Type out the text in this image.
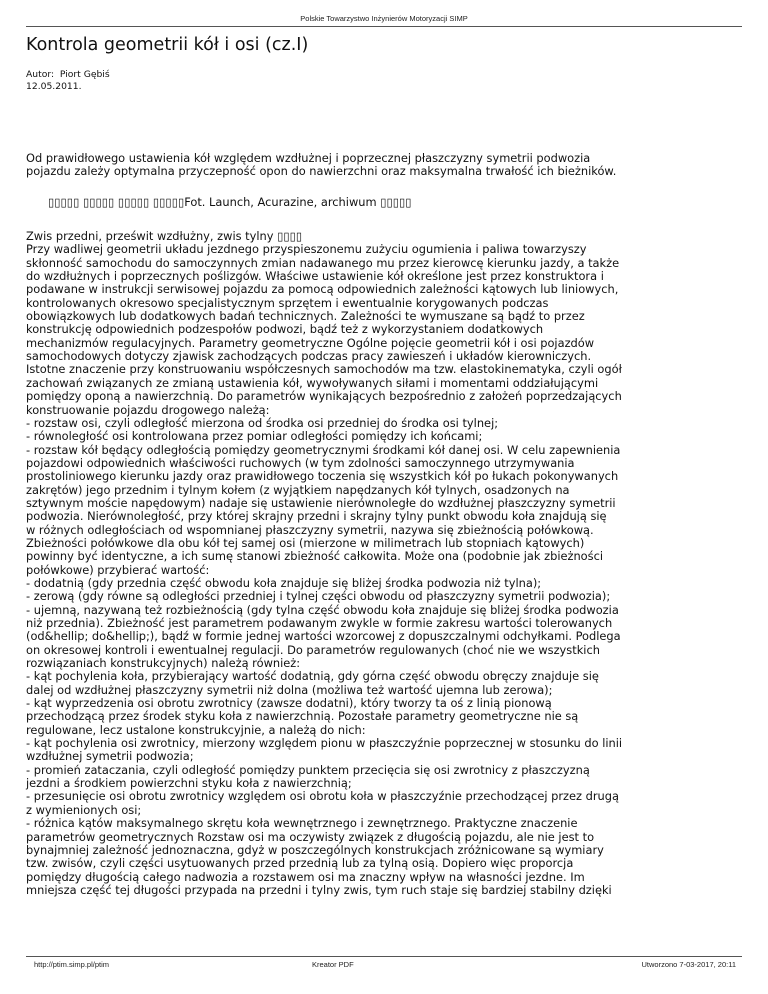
Polskie Towarzystwo Inżynierów Motoryzacji SIMP
Kontrola geometrii kół i osi (cz.I)
Autor:  Piort Gębiś
12.05.2011.

Od prawidłowego ustawienia kół względem wzdłużnej i poprzecznej płaszczyzny symetrii podwozia

pojazdu zależy optymalna przyczepność opon do nawierzchni oraz maksymalna trwałość ich bieżników.

▯▯▯▯▯ ▯▯▯▯▯ ▯▯▯▯▯ ▯▯▯▯▯Fot. Launch, Acurazine, archiwum ▯▯▯▯▯

Zwis przedni, prześwit wzdłużny, zwis tylny ▯▯▯▯

Przy wadliwej geometrii układu jezdnego przyspieszonemu zużyciu ogumienia i paliwa towarzyszy

skłonność samochodu do samoczynnych zmian nadawanego mu przez kierowcę kierunku jazdy, a także

do wzdłużnych i poprzecznych poślizgów. Właściwe ustawienie kół określone jest przez konstruktora i

podawane w instrukcji serwisowej pojazdu za pomocą odpowiednich zależności kątowych lub liniowych,

kontrolowanych okresowo specjalistycznym sprzętem i ewentualnie korygowanych podczas

obowiązkowych lub dodatkowych badań technicznych. Zależności te wymuszane są bądź to przez

konstrukcję odpowiednich podzespołów podwozi, bądź też z wykorzystaniem dodatkowych

mechanizmów regulacyjnych. Parametry geometryczne Ogólne pojęcie geometrii kół i osi pojazdów

samochodowych dotyczy zjawisk zachodzących podczas pracy zawieszeń i układów kierowniczych.

Istotne znaczenie przy konstruowaniu współczesnych samochodów ma tzw. elastokinematyka, czyli ogół

zachowań związanych ze zmianą ustawienia kół, wywoływanych siłami i momentami oddziałującymi

pomiędzy oponą a nawierzchnią. Do parametrów wynikających bezpośrednio z założeń poprzedzających

konstruowanie pojazdu drogowego należą:

- rozstaw osi, czyli odległość mierzona od środka osi przedniej do środka osi tylnej;

- równoległość osi kontrolowana przez pomiar odległości pomiędzy ich końcami;

- rozstaw kół będący odległością pomiędzy geometrycznymi środkami kół danej osi. W celu zapewnienia

pojazdowi odpowiednich właściwości ruchowych (w tym zdolności samoczynnego utrzymywania

prostoliniowego kierunku jazdy oraz prawidłowego toczenia się wszystkich kół po łukach pokonywanych

zakrętów) jego przednim i tylnym kołem (z wyjątkiem napędzanych kół tylnych, osadzonych na

sztywnym moście napędowym) nadaje się ustawienie nierównoległe do wzdłużnej płaszczyzny symetrii

podwozia. Nierównoległość, przy której skrajny przedni i skrajny tylny punkt obwodu koła znajdują się

w różnych odległościach od wspomnianej płaszczyzny symetrii, nazywa się zbieżnością połówkową.

Zbieżności połówkowe dla obu kół tej samej osi (mierzone w milimetrach lub stopniach kątowych)

powinny być identyczne, a ich sumę stanowi zbieżność całkowita. Może ona (podobnie jak zbieżności

połówkowe) przybierać wartość:

- dodatnią (gdy przednia część obwodu koła znajduje się bliżej środka podwozia niż tylna);

- zerową (gdy równe są odległości przedniej i tylnej części obwodu od płaszczyzny symetrii podwozia);

- ujemną, nazywaną też rozbieżnością (gdy tylna część obwodu koła znajduje się bliżej środka podwozia

niż przednia). Zbieżność jest parametrem podawanym zwykle w formie zakresu wartości tolerowanych

(od&hellip; do&hellip;), bądź w formie jednej wartości wzorcowej z dopuszczalnymi odchyłkami. Podlega

on okresowej kontroli i ewentualnej regulacji. Do parametrów regulowanych (choć nie we wszystkich

rozwiązaniach konstrukcyjnych) należą również:

- kąt pochylenia koła, przybierający wartość dodatnią, gdy górna część obwodu obręczy znajduje się

dalej od wzdłużnej płaszczyzny symetrii niż dolna (możliwa też wartość ujemna lub zerowa);

- kąt wyprzedzenia osi obrotu zwrotnicy (zawsze dodatni), który tworzy ta oś z linią pionową

przechodzącą przez środek styku koła z nawierzchnią. Pozostałe parametry geometryczne nie są

regulowane, lecz ustalone konstrukcyjnie, a należą do nich:

- kąt pochylenia osi zwrotnicy, mierzony względem pionu w płaszczyźnie poprzecznej w stosunku do linii

wzdłużnej symetrii podwozia;

- promień zataczania, czyli odległość pomiędzy punktem przecięcia się osi zwrotnicy z płaszczyzną

jezdni a środkiem powierzchni styku koła z nawierzchnią;

- przesunięcie osi obrotu zwrotnicy względem osi obrotu koła w płaszczyźnie przechodzącej przez drugą

z wymienionych osi;

- różnica kątów maksymalnego skrętu koła wewnętrznego i zewnętrznego. Praktyczne znaczenie

parametrów geometrycznych Rozstaw osi ma oczywisty związek z długością pojazdu, ale nie jest to

bynajmniej zależność jednoznaczna, gdyż w poszczególnych konstrukcjach zróżnicowane są wymiary

tzw. zwisów, czyli części usytuowanych przed przednią lub za tylną osią. Dopiero więc proporcja

pomiędzy długością całego nadwozia a rozstawem osi ma znaczny wpływ na własności jezdne. Im

mniejsza część tej długości przypada na przedni i tylny zwis, tym ruch staje się bardziej stabilny dzięki

http://ptim.simp.pl/ptim	Kreator PDF	Utworzono 7-03-2017, 20:11
